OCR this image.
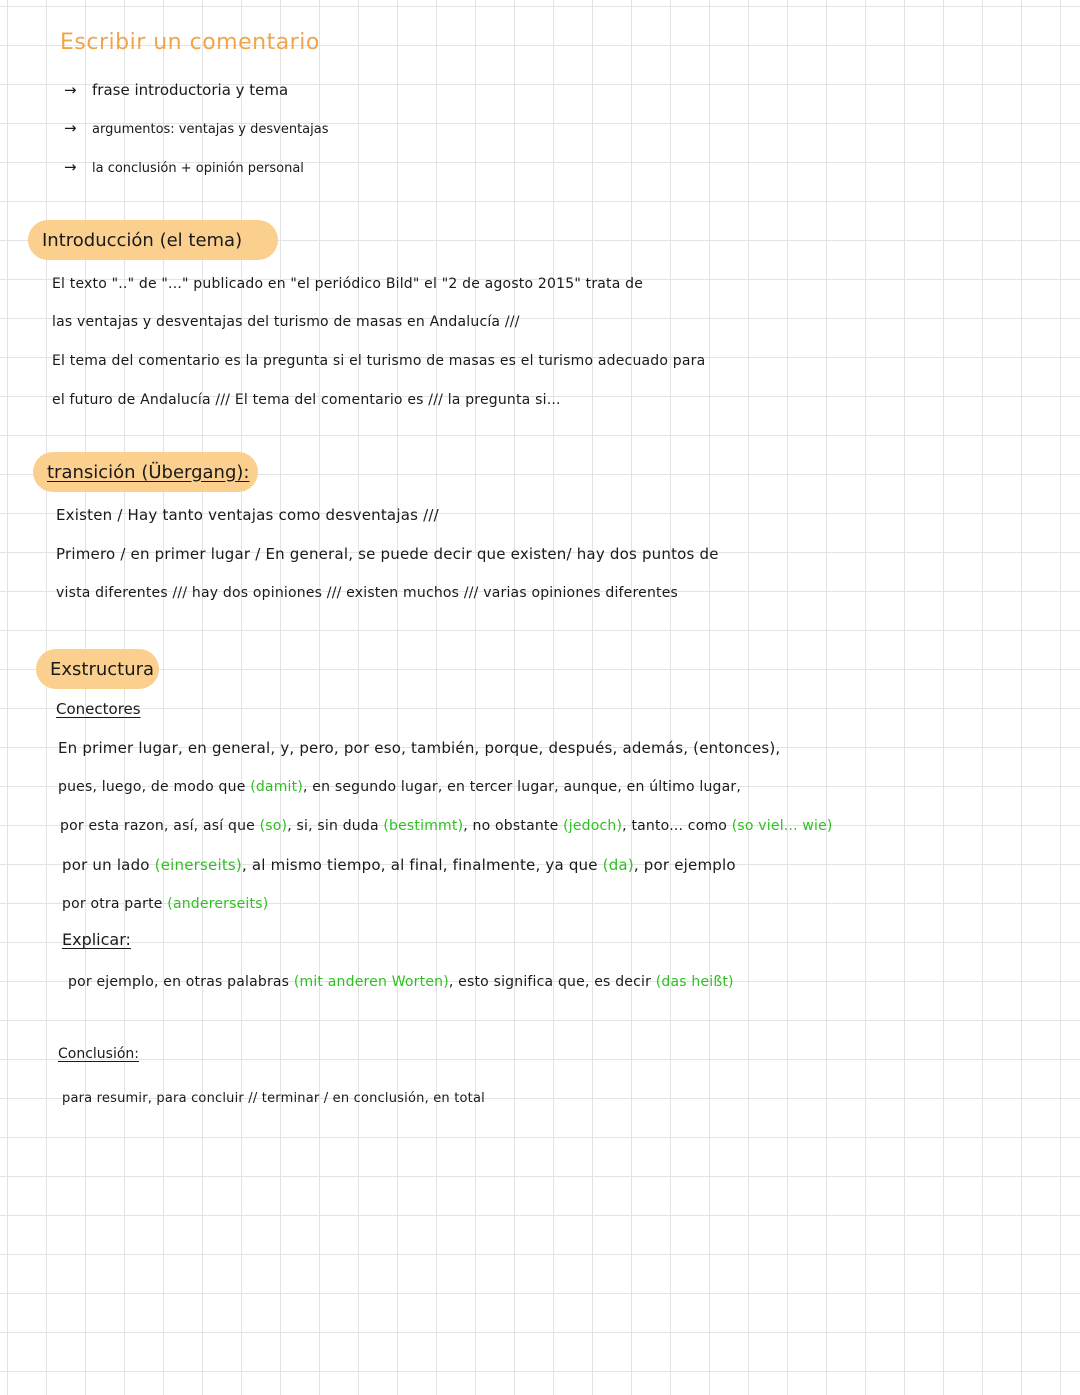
Escribir un comentario
→ frase introductoria y tema
→ argumentos: ventajas y desventajas
→ la conclusión + opinión personal
Introducción (el tema)
El texto ".." de "..." publicado en "el periódico Bild" el "2 de agosto 2015" trata de
las ventajas y desventajas del turismo de masas en Andalucía ///
El tema del comentario es la pregunta si el turismo de masas es el turismo adecuado para
el futuro de Andalucía /// El tema del comentario es /// la pregunta si...
transición (Übergang):
Existen / Hay tanto ventajas como desventajas ///
Primero / en primer lugar / En general, se puede decir que existen/ hay dos puntos de
vista diferentes /// hay dos opiniones /// existen muchos /// varias opiniones diferentes
Exstructura
Conectores
En primer lugar, en general, y, pero, por eso, también, porque, después, además, (entonces),
pues, luego, de modo que (damit), en segundo lugar, en tercer lugar, aunque, en último lugar,
por esta razon, así, así que (so), si, sin duda (bestimmt), no obstante (jedoch), tanto... como (so viel... wie)
por un lado (einerseits), al mismo tiempo, al final, finalmente, ya que (da), por ejemplo
por otra parte (andererseits)
Explicar:
por ejemplo, en otras palabras (mit anderen Worten), esto significa que, es decir (das heißt)
Conclusión:
para resumir, para concluir // terminar / en conclusión, en total
